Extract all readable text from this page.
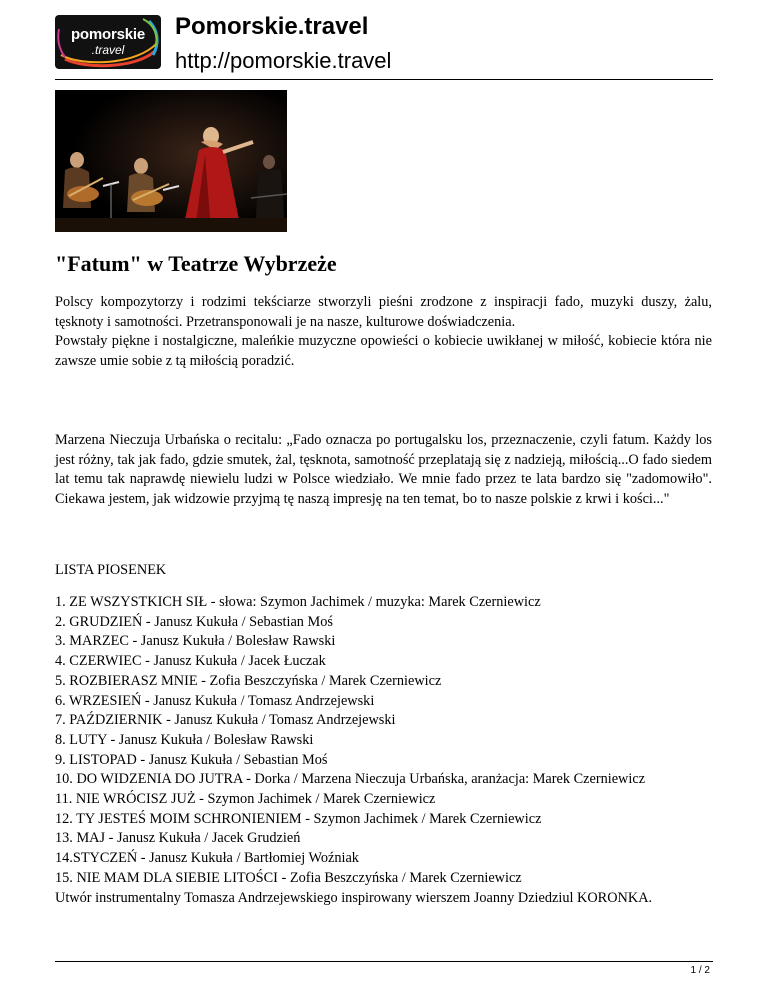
pomorskie
.travel
Pomorskie.travel
http://pomorskie.travel
"Fatum" w Teatrze Wybrzeże

Polscy kompozytorzy i rodzimi tekściarze stworzyli pieśni zrodzone z inspiracji fado, muzyki duszy, żalu, tęsknoty i samotności. Przetransponowali je na nasze, kulturowe doświadczenia.

Powstały piękne i nostalgiczne, maleńkie muzyczne opowieści o kobiecie uwikłanej w miłość, kobiecie która nie zawsze umie sobie z tą miłością poradzić.

Marzena Nieczuja Urbańska o recitalu: „Fado oznacza po portugalsku los, przeznaczenie, czyli fatum. Każdy los jest różny, tak jak fado, gdzie smutek, żal, tęsknota, samotność przeplatają się z nadzieją, miłością...O fado siedem lat temu tak naprawdę niewielu ludzi w Polsce wiedziało. We mnie fado przez te lata bardzo się "zadomowiło". Ciekawa jestem, jak widzowie przyjmą tę naszą impresję na ten temat, bo to nasze polskie z krwi i kości..."

LISTA PIOSENEK
1. ZE WSZYSTKICH SIŁ - słowa: Szymon Jachimek / muzyka: Marek Czerniewicz
2. GRUDZIEŃ - Janusz Kukuła / Sebastian Moś
3. MARZEC - Janusz Kukuła / Bolesław Rawski
4. CZERWIEC - Janusz Kukuła / Jacek Łuczak
5. ROZBIERASZ MNIE - Zofia Beszczyńska / Marek Czerniewicz
6. WRZESIEŃ - Janusz Kukuła / Tomasz Andrzejewski
7. PAŹDZIERNIK - Janusz Kukuła / Tomasz Andrzejewski
8. LUTY - Janusz Kukuła / Bolesław Rawski
9. LISTOPAD - Janusz Kukuła / Sebastian Moś
10. DO WIDZENIA DO JUTRA - Dorka / Marzena Nieczuja Urbańska, aranżacja: Marek Czerniewicz
11. NIE WRÓCISZ JUŻ - Szymon Jachimek / Marek Czerniewicz
12. TY JESTEŚ MOIM SCHRONIENIEM - Szymon Jachimek / Marek Czerniewicz
13. MAJ - Janusz Kukuła / Jacek Grudzień
14.STYCZEŃ - Janusz Kukuła / Bartłomiej Woźniak
15. NIE MAM DLA SIEBIE LITOŚCI - Zofia Beszczyńska / Marek Czerniewicz
Utwór instrumentalny Tomasza Andrzejewskiego inspirowany wierszem Joanny Dziedziul KORONKA.
1 / 2
